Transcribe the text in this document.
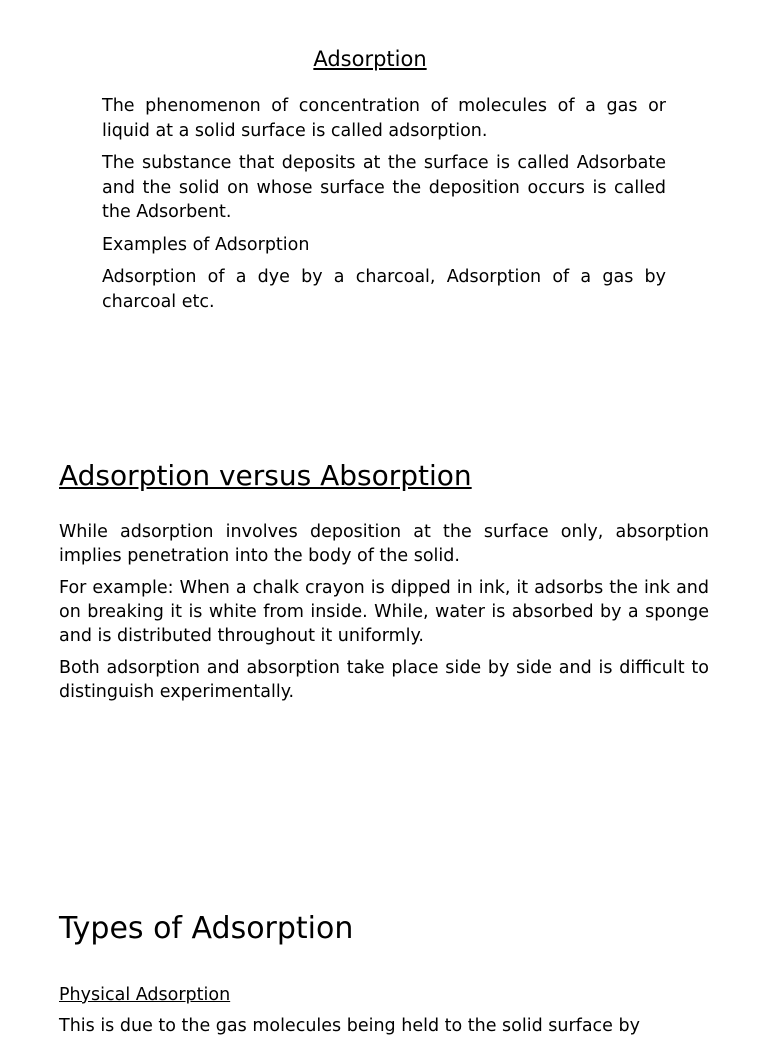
Adsorption

The phenomenon of concentration of molecules of a gas or liquid at a solid surface is called adsorption.

The substance that deposits at the surface is called Adsorbate and the solid on whose surface the deposition occurs is called the Adsorbent.

Examples of Adsorption

Adsorption of a dye by a charcoal, Adsorption of a gas by charcoal etc.

Adsorption versus Absorption

While adsorption involves deposition at the surface only, absorption implies penetration into the body of the solid.

For example: When a chalk crayon is dipped in ink, it adsorbs the ink and on breaking it is white from inside. While, water is absorbed by a sponge and is distributed throughout it uniformly.

Both adsorption and absorption take place side by side and is difficult to distinguish experimentally.

Types of Adsorption
Physical Adsorption
This is due to the gas molecules being held to the solid surface by
